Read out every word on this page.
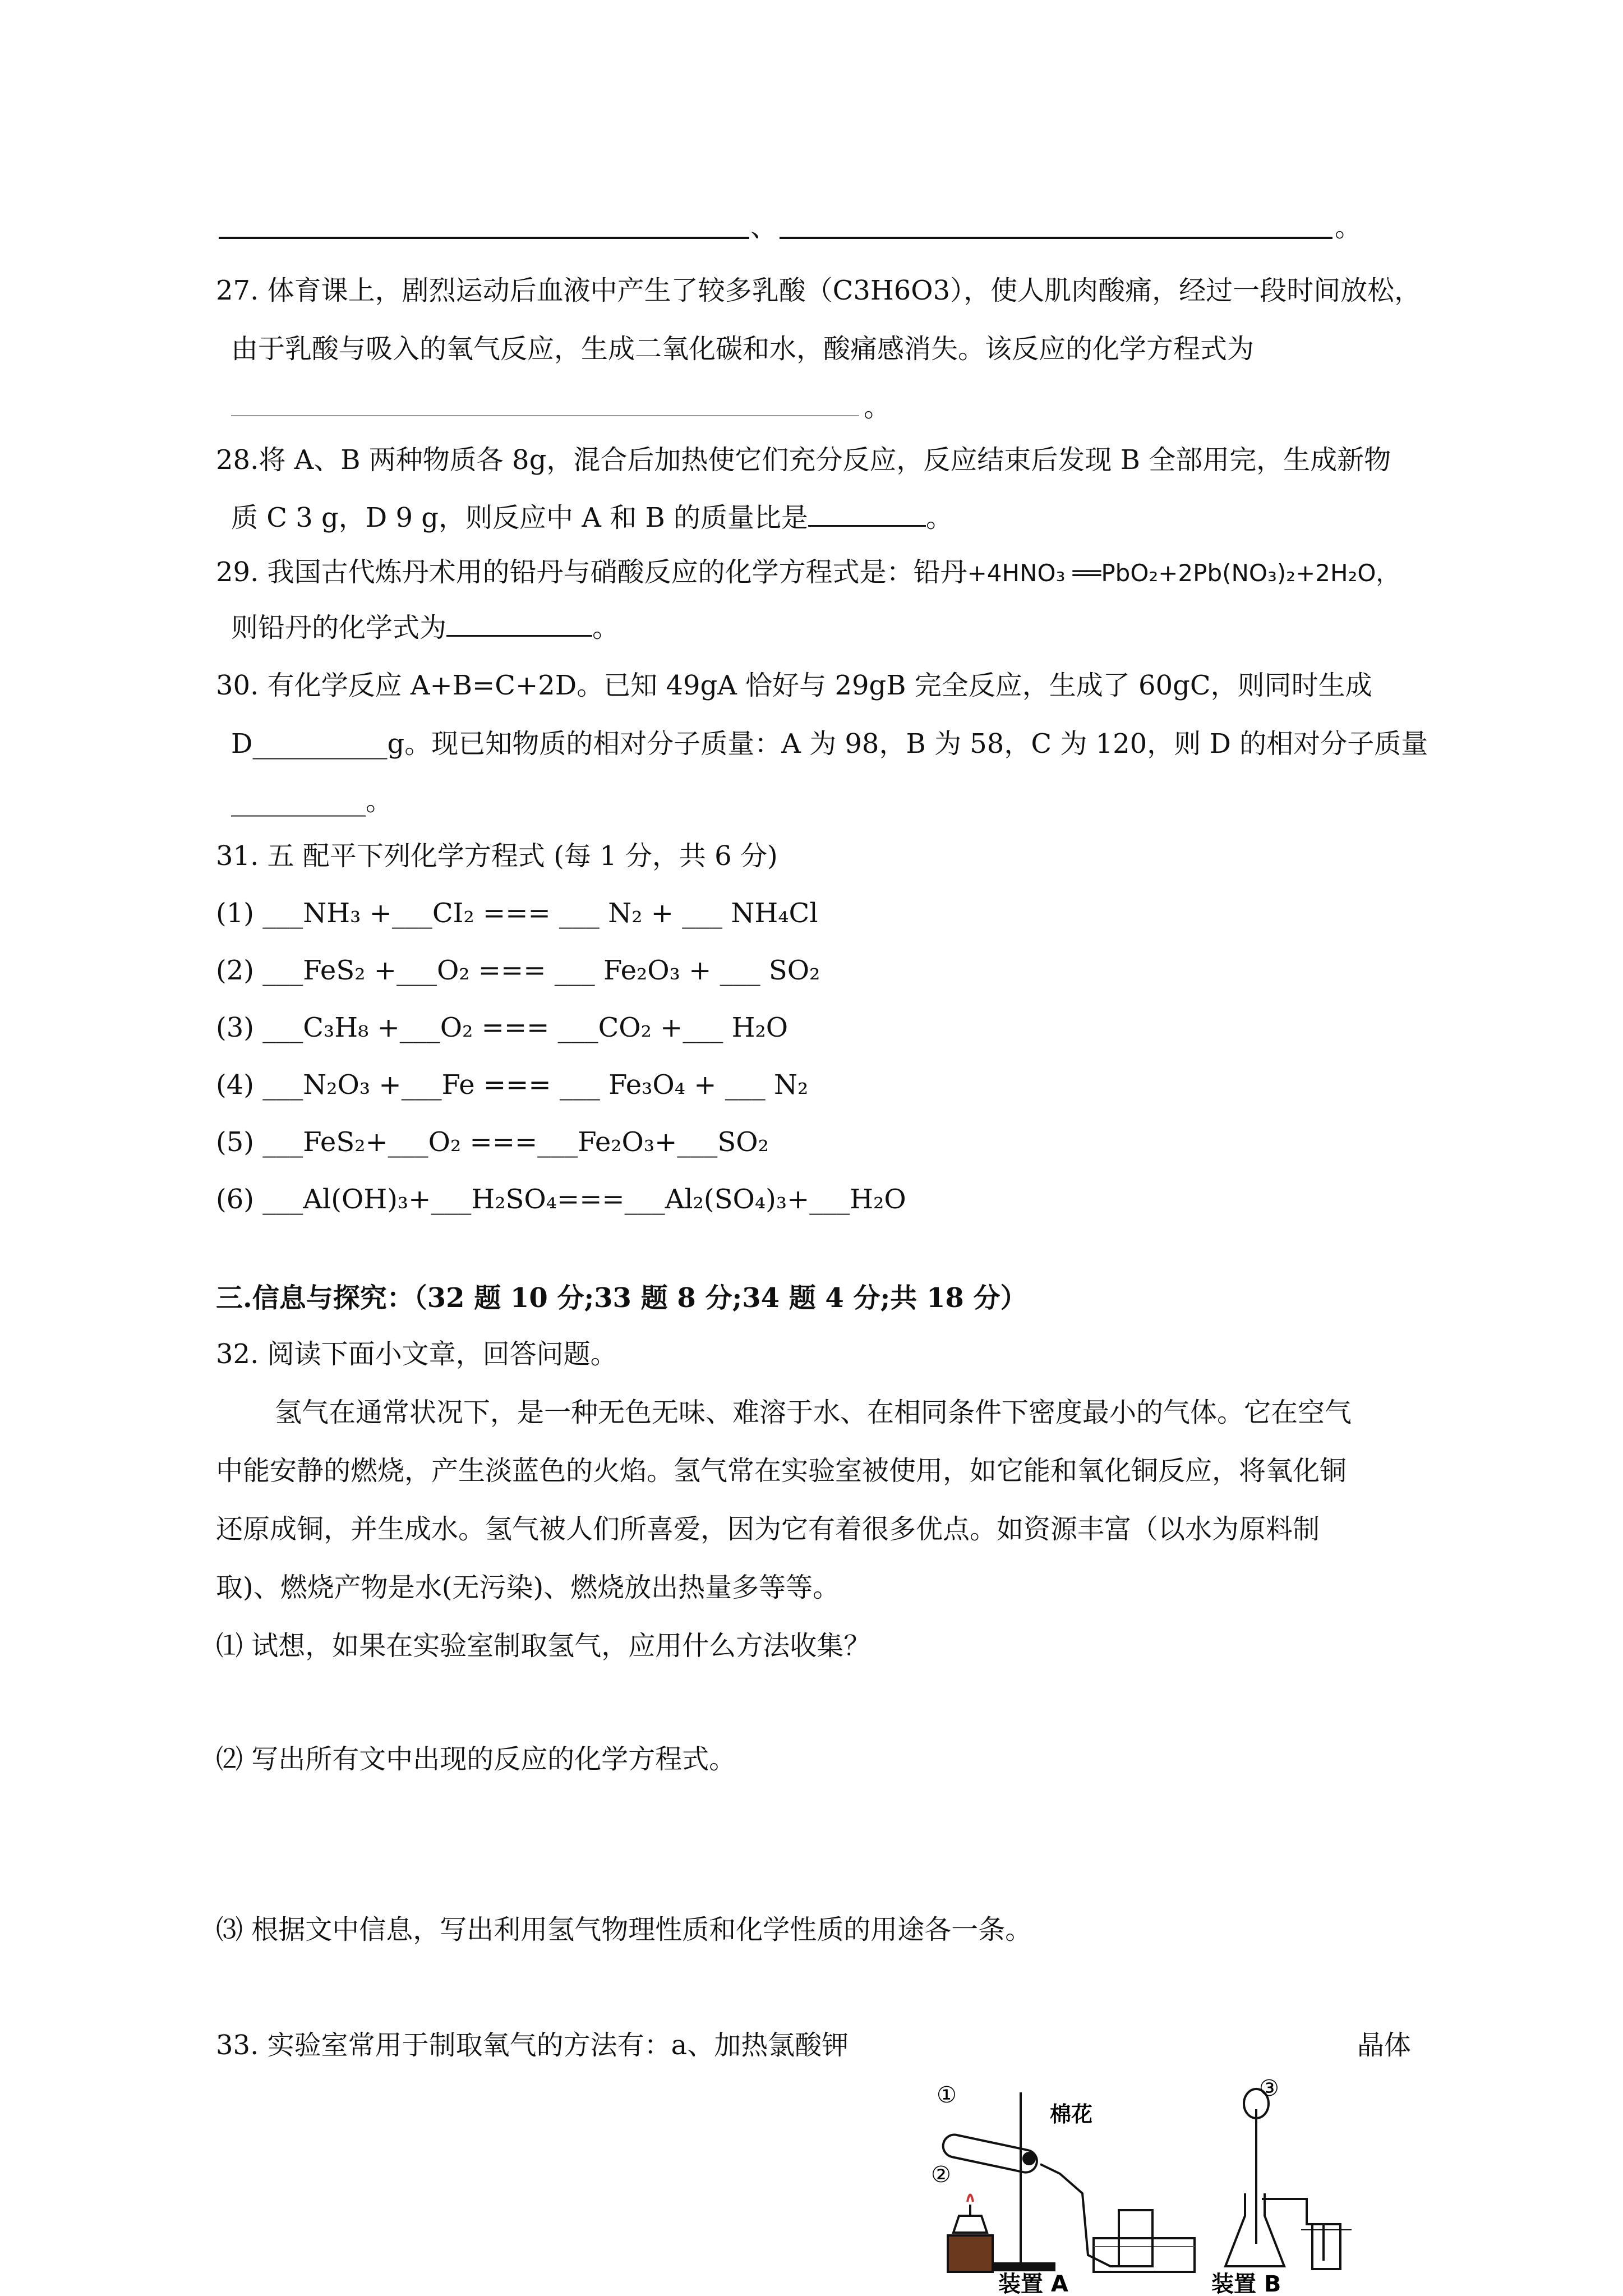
、	。
27. 体育课上，剧烈运动后血液中产生了较多乳酸（C3H6O3），使人肌肉酸痛，经过一段时间放松，
由于乳酸与吸入的氧气反应，生成二氧化碳和水，酸痛感消失。该反应的化学方程式为
。
28.将 A、B 两种物质各 8g，混合后加热使它们充分反应，反应结束后发现 B 全部用完，生成新物
质 C 3 g，D 9 g，则反应中 A 和 B 的质量比是	。
29. 我国古代炼丹术用的铅丹与硝酸反应的化学方程式是：铅丹+4HNO₃ ══PbO₂+2Pb(NO₃)₂+2H₂O，
则铅丹的化学式为	。
30. 有化学反应 A+B=C+2D。已知 49gA 恰好与 29gB 完全反应，生成了 60gC，则同时生成
D__________g。现已知物质的相对分子质量：A 为 98，B 为 58，C 为 120，则 D 的相对分子质量
__________。
31. 五 配平下列化学方程式 (每 1 分，共 6 分)
(1) ___NH₃ +___CI₂ === ___ N₂ + ___ NH₄Cl
(2) ___FeS₂ +___O₂ === ___ Fe₂O₃ + ___ SO₂
(3) ___C₃H₈ +___O₂ === ___CO₂ +___ H₂O
(4) ___N₂O₃ +___Fe === ___ Fe₃O₄ + ___ N₂
(5) ___FeS₂+___O₂ ===___Fe₂O₃+___SO₂
(6) ___Al(OH)₃+___H₂SO₄===___Al₂(SO₄)₃+___H₂O
三.信息与探究：（32 题 10 分;33 题 8 分;34 题 4 分;共 18 分）
32. 阅读下面小文章，回答问题。
氢气在通常状况下，是一种无色无味、难溶于水、在相同条件下密度最小的气体。它在空气
中能安静的燃烧，产生淡蓝色的火焰。氢气常在实验室被使用，如它能和氧化铜反应，将氧化铜
还原成铜，并生成水。氢气被人们所喜爱，因为它有着很多优点。如资源丰富（以水为原料制
取)、燃烧产物是水(无污染)、燃烧放出热量多等等。
⑴ 试想，如果在实验室制取氢气，应用什么方法收集？
⑵ 写出所有文中出现的反应的化学方程式。
⑶ 根据文中信息，写出利用氢气物理性质和化学性质的用途各一条。
33. 实验室常用于制取氧气的方法有：a、加热氯酸钾	晶体
①
②
③
棉花
装置 A	装置 B
